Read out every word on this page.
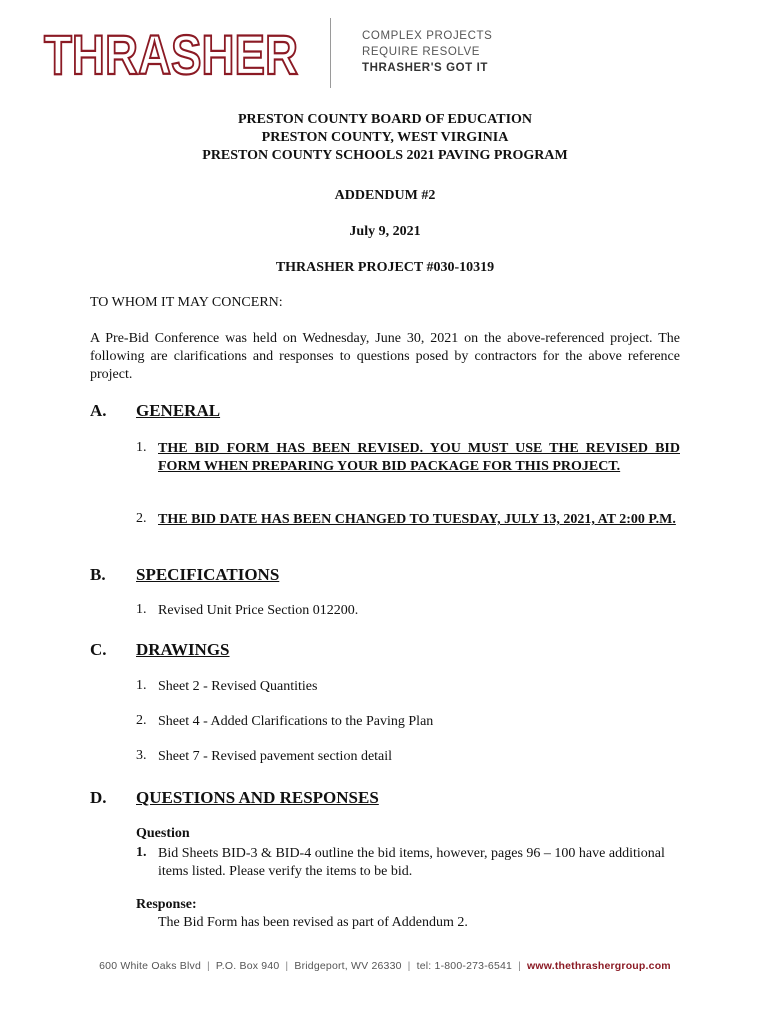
THRASHER	COMPLEX PROJECTS
REQUIRE RESOLVE
THRASHER'S GOT IT
PRESTON COUNTY BOARD OF EDUCATION
PRESTON COUNTY, WEST VIRGINIA
PRESTON COUNTY SCHOOLS 2021 PAVING PROGRAM
ADDENDUM #2
July 9, 2021
THRASHER PROJECT #030-10319
TO WHOM IT MAY CONCERN:
A Pre-Bid Conference was held on Wednesday, June 30, 2021 on the above-referenced project. The following are clarifications and responses to questions posed by contractors for the above reference project.
A. GENERAL
1. THE BID FORM HAS BEEN REVISED. YOU MUST USE THE REVISED BID FORM WHEN PREPARING YOUR BID PACKAGE FOR THIS PROJECT.
2. THE BID DATE HAS BEEN CHANGED TO TUESDAY, JULY 13, 2021, AT 2:00 P.M.
B. SPECIFICATIONS
1. Revised Unit Price Section 012200.
C. DRAWINGS
1. Sheet 2 - Revised Quantities
2. Sheet 4 - Added Clarifications to the Paving Plan
3. Sheet 7 - Revised pavement section detail
D. QUESTIONS AND RESPONSES
Question
1. Bid Sheets BID-3 & BID-4 outline the bid items, however, pages 96 – 100 have additional items listed. Please verify the items to be bid.
Response:
The Bid Form has been revised as part of Addendum 2.
600 White Oaks Blvd | P.O. Box 940 | Bridgeport, WV 26330 | tel: 1-800-273-6541 | www.thethrashergroup.com
